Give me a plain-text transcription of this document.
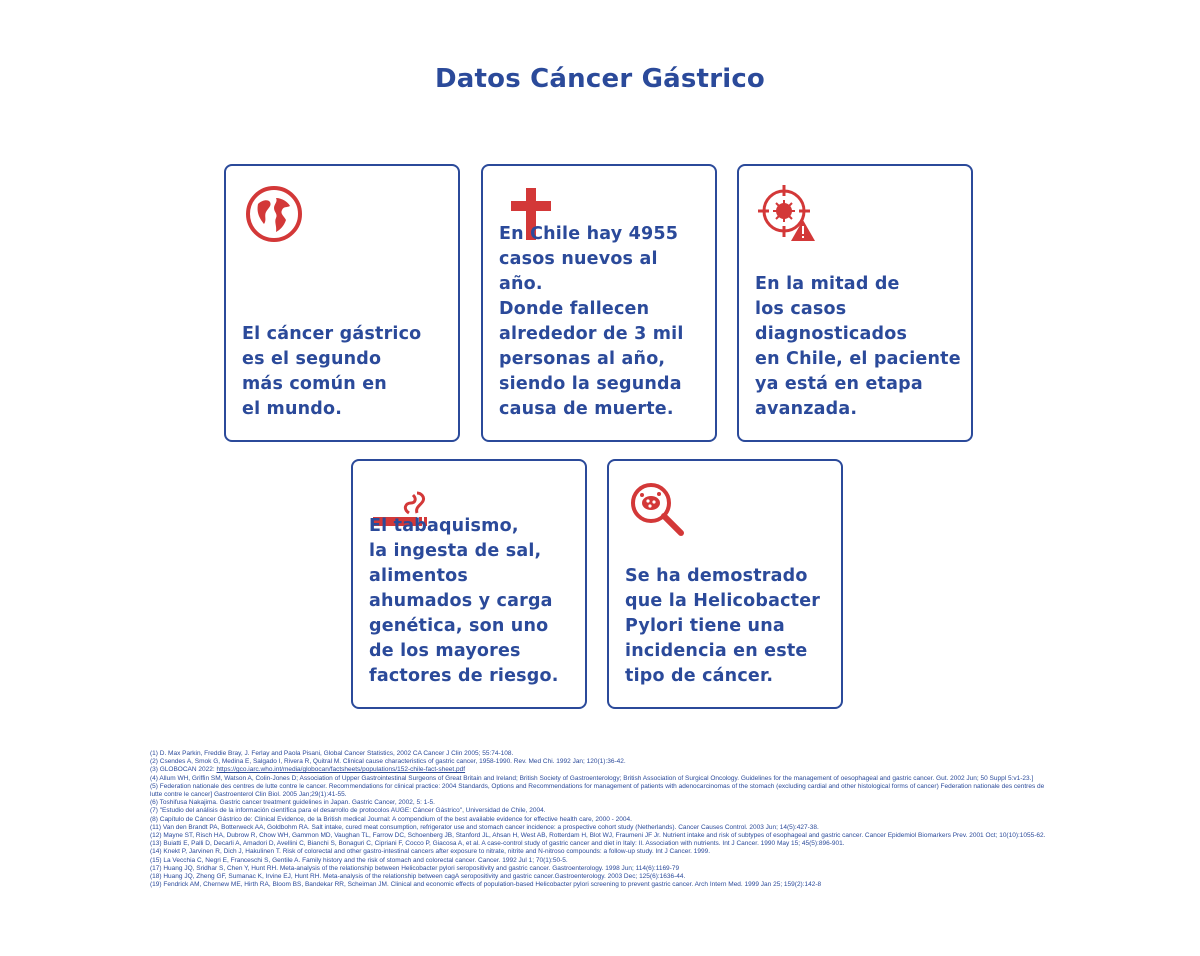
Datos Cáncer Gástrico
El cáncer gástrico
es el segundo
más común en
el mundo.
En Chile hay 4955
casos nuevos al año.
Donde fallecen
alrededor de 3 mil
personas al año,
siendo la segunda
causa de muerte.
En la mitad de
los casos
diagnosticados
en Chile, el paciente
ya está en etapa
avanzada.
El tabaquismo,
la ingesta de sal,
alimentos
ahumados y carga
genética, son uno
de los mayores
factores de riesgo.
Se ha demostrado
que la Helicobacter
Pylori tiene una
incidencia en este
tipo de cáncer.
(1) D. Max Parkin, Freddie Bray, J. Ferlay and Paola Pisani, Global Cancer Statistics, 2002 CA Cancer J Clin 2005; 55:74-108.
(2) Csendes A, Smok G, Medina E, Salgado I, Rivera R, Quitral M. Clinical cause characteristics of gastric cancer, 1958-1990. Rev. Med Chi. 1992 Jan; 120(1):36-42.
(3) GLOBOCAN 2022: https://gco.iarc.who.int/media/globocan/factsheets/populations/152-chile-fact-sheet.pdf
(4) Allum WH, Griffin SM, Watson A, Colin-Jones D; Association of Upper Gastrointestinal Surgeons of Great Britain and Ireland; British Society of Gastroenterology; British Association of Surgical Oncology. Guidelines for the management of oesophageal and gastric cancer. Gut. 2002 Jun; 50 Suppl 5:v1-23.]
(5) Federation nationale des centres de lutte contre le cancer. Recommendations for clinical practice: 2004 Standards, Options and Recommendations for management of patients with adenocarcinomas of the stomach (excluding cardial and other histological forms of cancer) Federation nationale des centres de lutte contre le cancer] Gastroenterol Clin Biol. 2005 Jan;29(1):41-55.
(6) Toshifusa Nakajima. Gastric cancer treatment guidelines in Japan. Gastric Cancer, 2002, 5: 1-5.
(7) "Estudio del análisis de la información científica para el desarrollo de protocolos AUGE: Cáncer Gástrico", Universidad de Chile, 2004.
(8) Capítulo de Cáncer Gástrico de: Clinical Evidence, de la British medical Journal: A compendium of the best available evidence for effective health care, 2000 - 2004.
(11) Van den Brandt PA, Botterweck AA, Goldbohm RA. Salt intake, cured meat consumption, refrigerator use and stomach cancer incidence: a prospective cohort study (Netherlands). Cancer Causes Control. 2003 Jun; 14(5):427-38.
(12) Mayne ST, Risch HA, Dubrow R, Chow WH, Gammon MD, Vaughan TL, Farrow DC, Schoenberg JB, Stanford JL, Ahsan H, West AB, Rotterdam H, Blot WJ, Fraumeni JF Jr. Nutrient intake and risk of subtypes of esophageal and gastric cancer. Cancer Epidemiol Biomarkers Prev. 2001 Oct; 10(10):1055-62.
(13) Buiatti E, Palli D, Decarli A, Amadori D, Avellini C, Bianchi S, Bonaguri C, Cipriani F, Cocco P, Giacosa A, et al. A case-control study of gastric cancer and diet in Italy: II. Association with nutrients. Int J Cancer. 1990 May 15; 45(5):896-901.
(14) Knekt P, Jarvinen R, Dich J, Hakulinen T. Risk of colorectal and other gastro-intestinal cancers after exposure to nitrate, nitrite and N-nitroso compounds: a follow-up study. Int J Cancer. 1999.
(15) La Vecchia C, Negri E, Franceschi S, Gentile A. Family history and the risk of stomach and colorectal cancer. Cancer. 1992 Jul 1; 70(1):50-5.
(17) Huang JQ, Sridhar S, Chen Y, Hunt RH. Meta-analysis of the relationship between Helicobacter pylori seropositivity and gastric cancer. Gastroenterology. 1998 Jun; 114(6):1169-79
(18) Huang JQ, Zheng GF, Sumanac K, Irvine EJ, Hunt RH. Meta-analysis of the relationship between cagA seropositivity and gastric cancer.Gastroenterology. 2003 Dec; 125(6):1636-44.
(19) Fendrick AM, Chernew ME, Hirth RA, Bloom BS, Bandekar RR, Scheiman JM. Clinical and economic effects of population-based Helicobacter pylori screening to prevent gastric cancer. Arch Intern Med. 1999 Jan 25; 159(2):142-8
